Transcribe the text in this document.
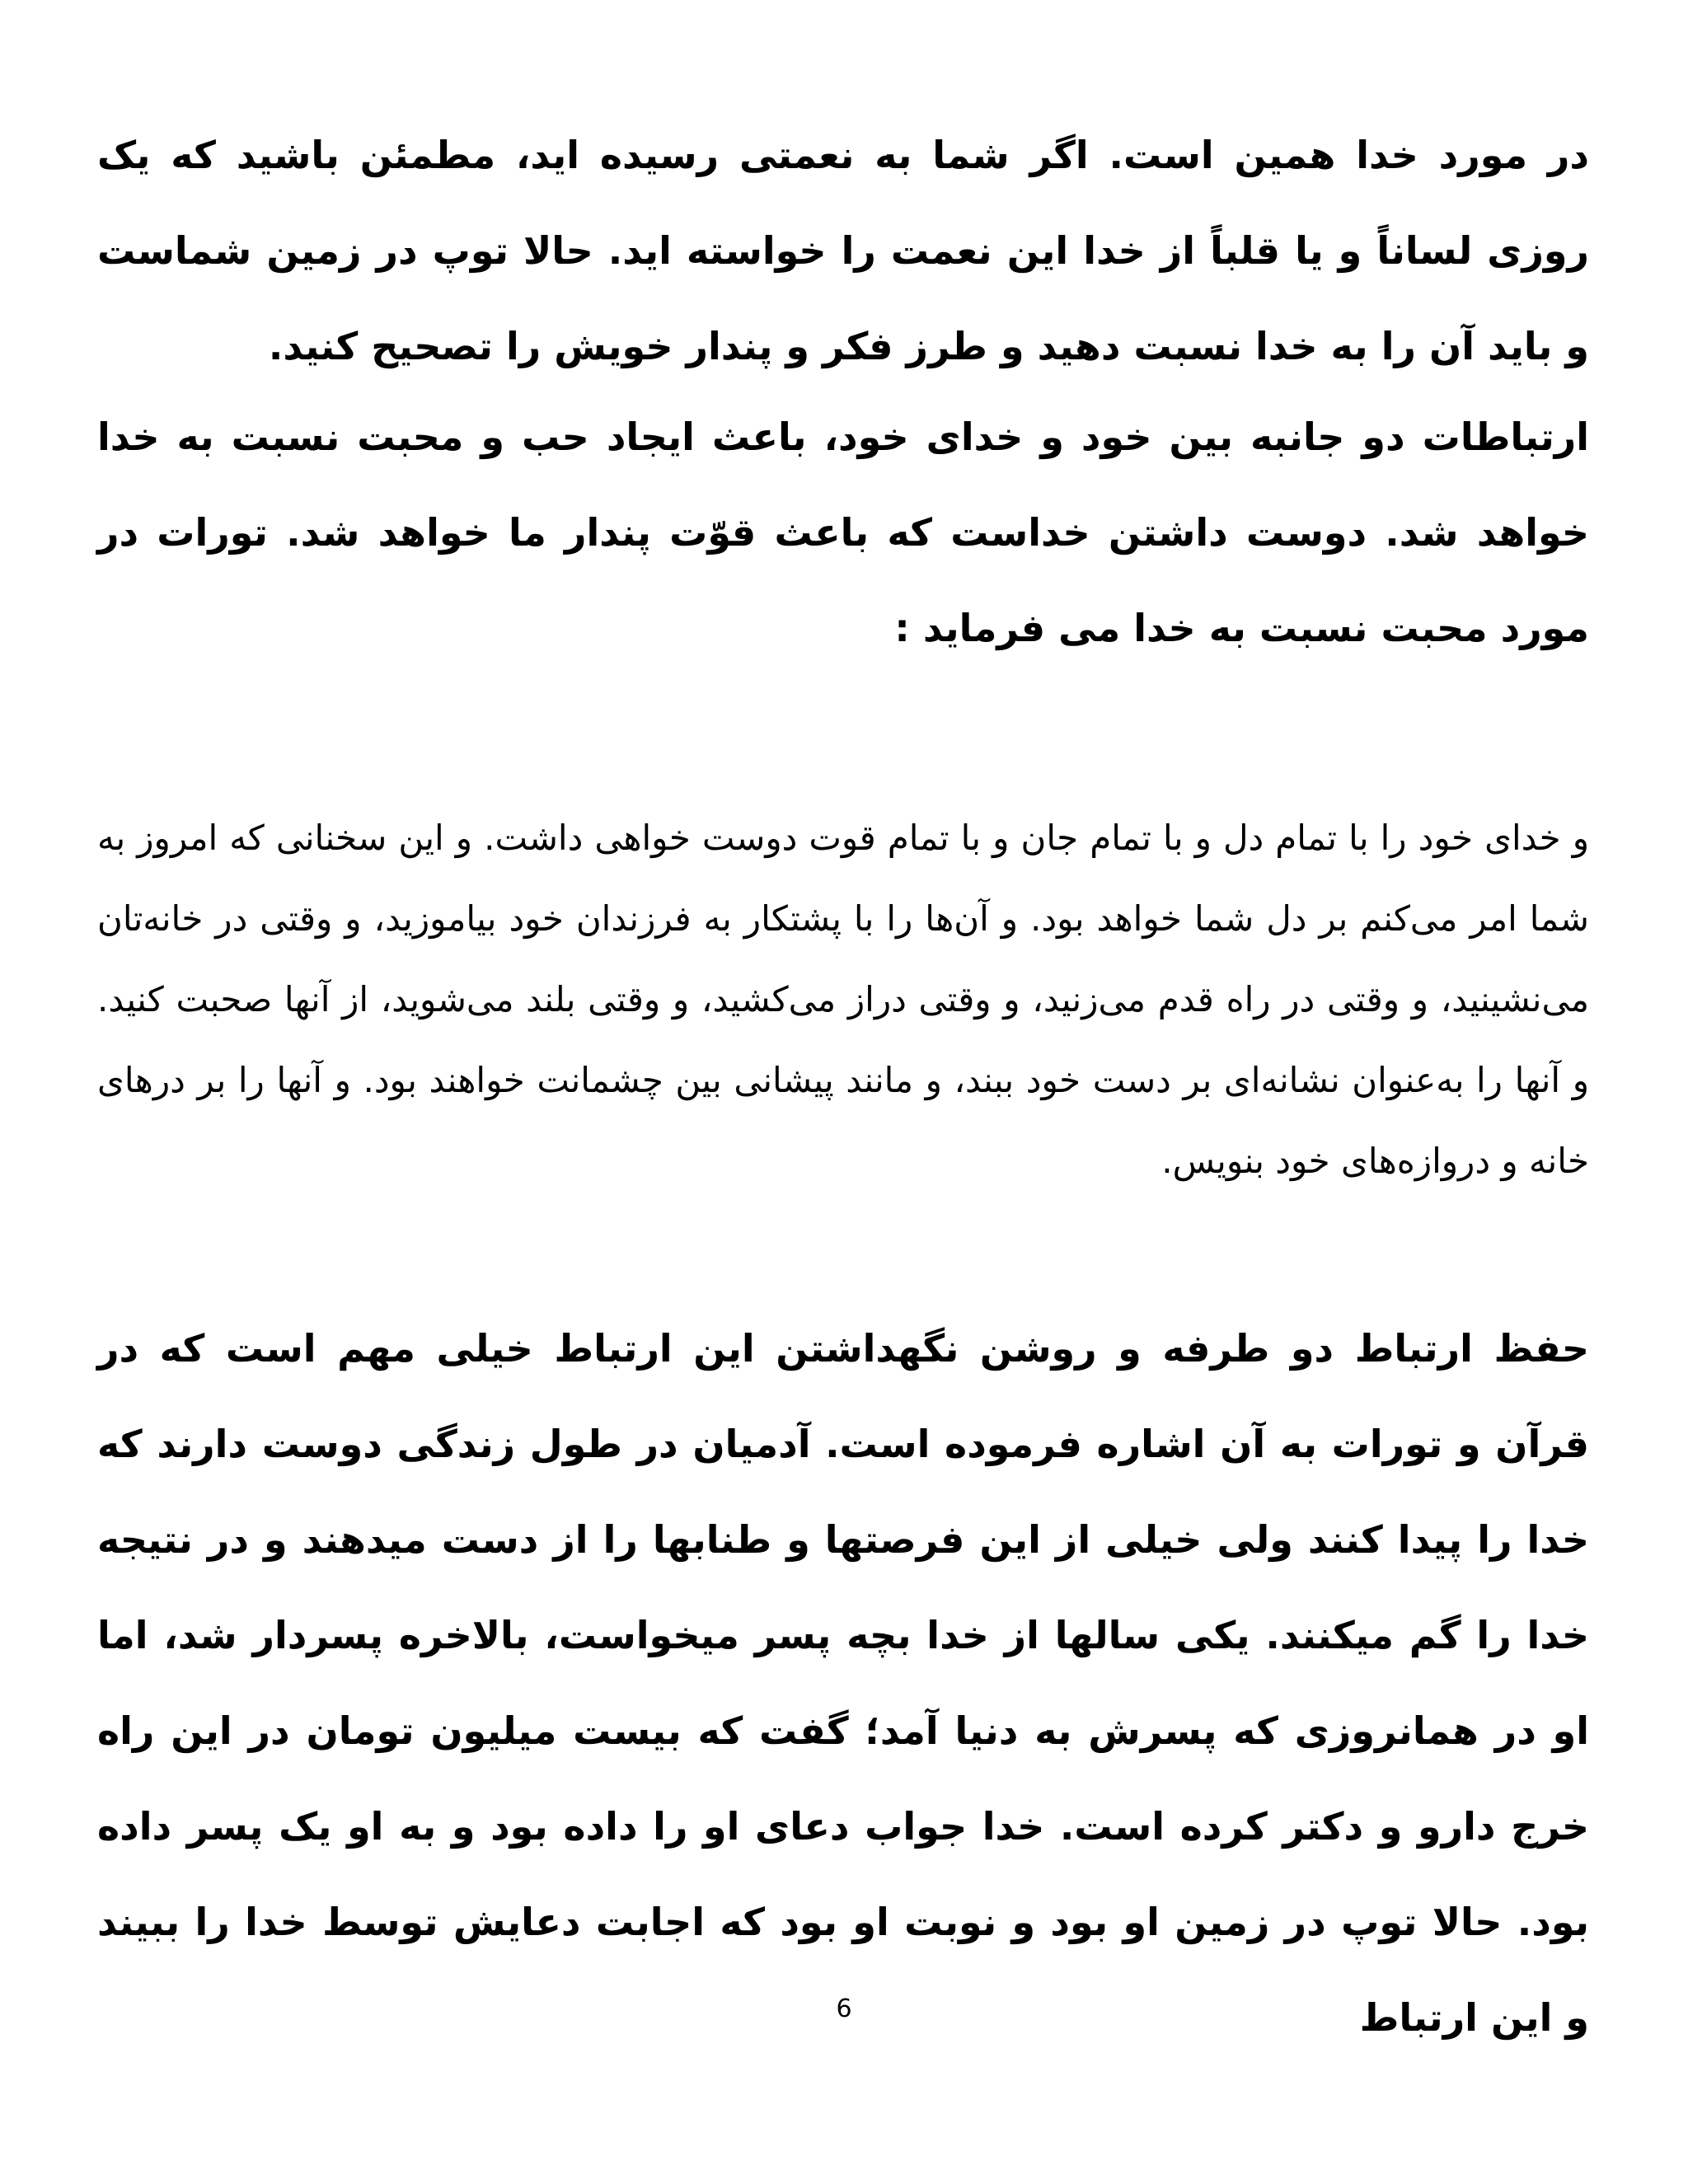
در مورد خدا همین است. اگر شما به نعمتی رسیده اید، مطمئن باشید که یک روزی لساناً و یا قلباً از خدا این نعمت را خواسته اید. حالا توپ در زمین شماست و باید آن را به خدا نسبت دهید و طرز فکر و پندار خویش را تصحیح کنید.
ارتباطات دو جانبه بین خود و خدای خود، باعث ایجاد حب و محبت نسبت به خدا خواهد شد. دوست داشتن خداست که باعث قوّت پندار ما خواهد شد. تورات در مورد محبت نسبت به خدا می فرماید :
و خدای خود را با تمام دل و با تمام جان و با تمام قوت دوست خواهی داشت. و این سخنانی که امروز به شما امر می‌کنم بر دل شما خواهد بود. و آن‌ها را با پشتکار به فرزندان خود بیاموزید، و وقتی در خانه‌تان می‌نشینید، و وقتی در راه قدم می‌زنید، و وقتی دراز می‌کشید، و وقتی بلند می‌شوید، از آنها صحبت کنید. و آنها را به‌عنوان نشانه‌ای بر دست خود ببند، و مانند پیشانی بین چشمانت خواهند بود. و آنها را بر درهای خانه و دروازه‌های خود بنویس.
حفظ ارتباط دو طرفه و روشن نگهداشتن این ارتباط خیلی مهم است که در قرآن و تورات به آن اشاره فرموده است. آدمیان در طول زندگی دوست دارند که خدا را پیدا کنند ولی خیلی از این فرصتها و طنابها را از دست میدهند و در نتیجه خدا را گم میکنند. یکی سالها از خدا بچه پسر میخواست، بالاخره پسردار شد، اما او در همانروزی که پسرش به دنیا آمد؛ گفت که بیست میلیون تومان در این راه خرج دارو و دکتر کرده است. خدا جواب دعای او را داده بود و به او یک پسر داده بود. حالا توپ در زمین او بود و نوبت او بود که اجابت دعایش توسط خدا را ببیند و این ارتباط
6
